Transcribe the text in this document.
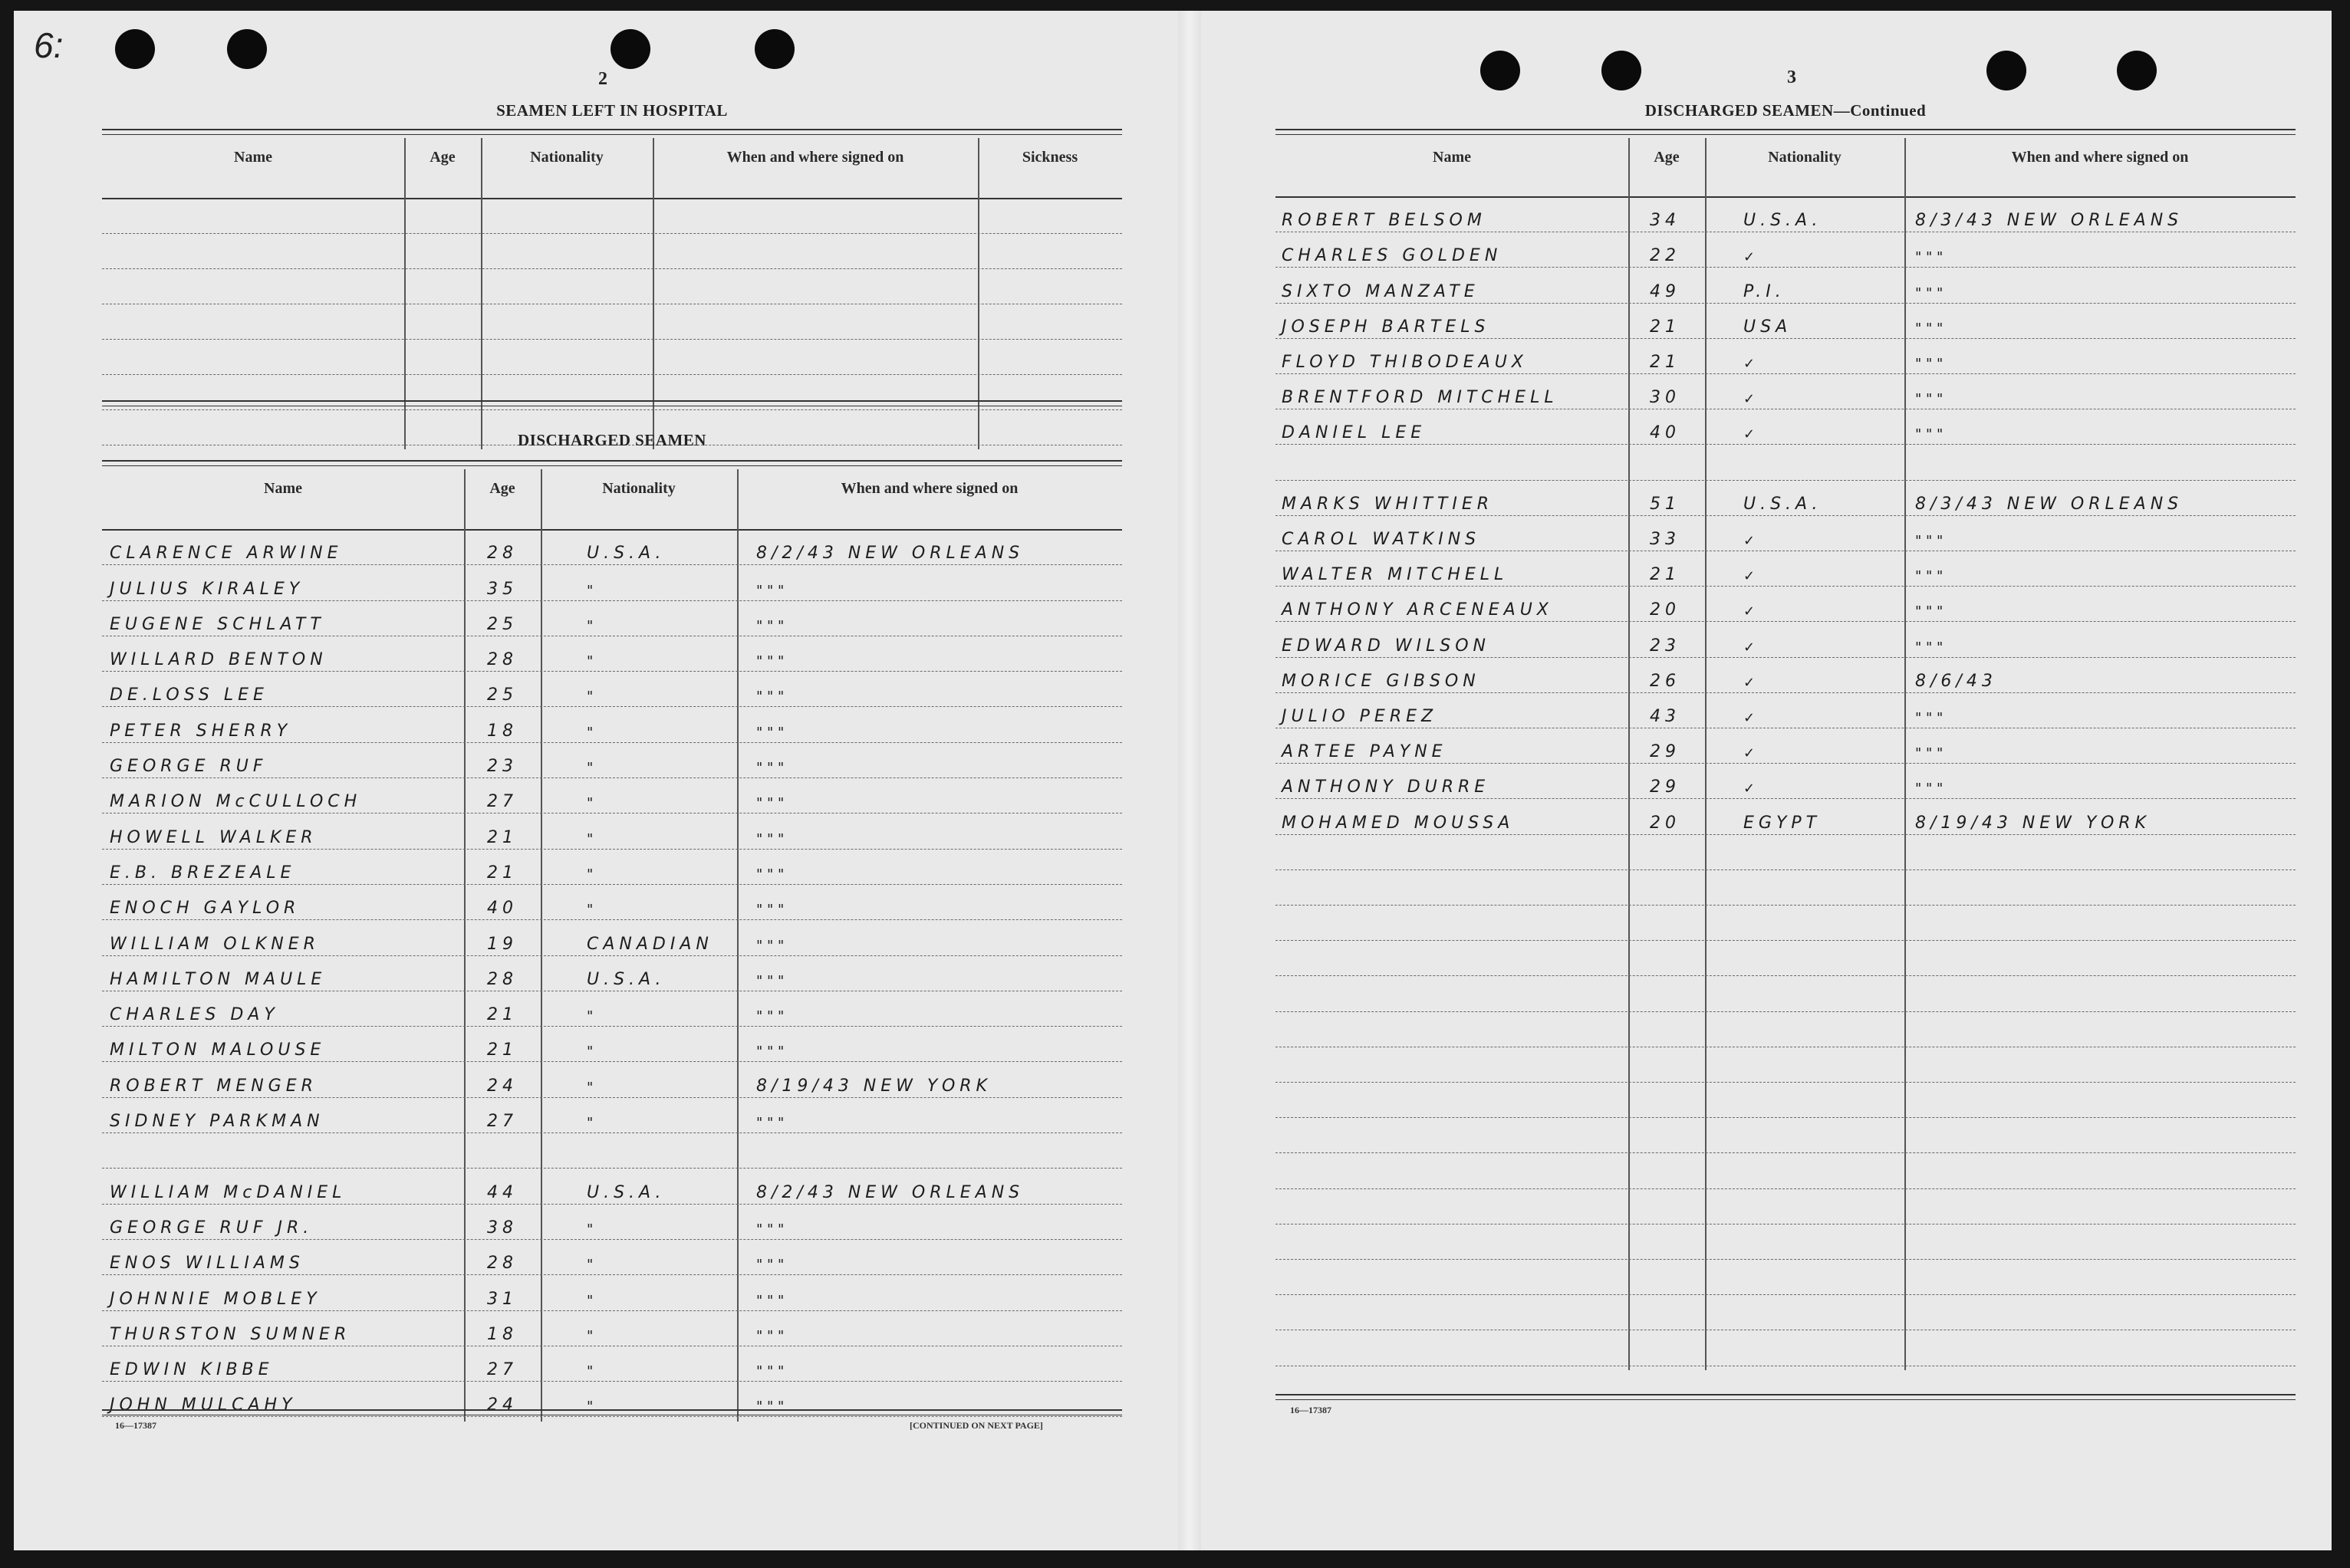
6:
2
SEAMEN LEFT IN HOSPITAL
Name	Age	Nationality	When and where signed on	Sickness
DISCHARGED SEAMEN
Name	Age	Nationality	When and where signed on
CLARENCE ARWINE	28	U.S.A.	8/2/43 NEW ORLEANS
JULIUS KIRALEY	35	"	" " "
EUGENE SCHLATT	25	"	" " "
WILLARD BENTON	28	"	" " "
DE.LOSS LEE	25	"	" " "
PETER SHERRY	18	"	" " "
GEORGE RUF	23	"	" " "
MARION McCULLOCH	27	"	" " "
HOWELL WALKER	21	"	" " "
E.B. BREZEALE	21	"	" " "
ENOCH GAYLOR	40	"	" " "
WILLIAM OLKNER	19	CANADIAN	" " "
HAMILTON MAULE	28	U.S.A.	" " "
CHARLES DAY	21	"	" " "
MILTON MALOUSE	21	"	" " "
ROBERT MENGER	24	"	8/19/43 NEW YORK
SIDNEY PARKMAN	27	"	" " "
WILLIAM McDANIEL	44	U.S.A.	8/2/43 NEW ORLEANS
GEORGE RUF JR.	38	"	" " "
ENOS WILLIAMS	28	"	" " "
JOHNNIE MOBLEY	31	"	" " "
THURSTON SUMNER	18	"	" " "
EDWIN KIBBE	27	"	" " "
JOHN MULCAHY	24	"	" " "
16—17387	[CONTINUED ON NEXT PAGE]
3
DISCHARGED SEAMEN—Continued
Name	Age	Nationality	When and where signed on
ROBERT BELSOM	34	U.S.A.	8/3/43 NEW ORLEANS
CHARLES GOLDEN	22	✓	" " "
SIXTO MANZATE	49	P.I.	" " "
JOSEPH BARTELS	21	USA	" " "
FLOYD THIBODEAUX	21	✓	" " "
BRENTFORD MITCHELL	30	✓	" " "
DANIEL LEE	40	✓	" " "
MARKS WHITTIER	51	U.S.A.	8/3/43 NEW ORLEANS
CAROL WATKINS	33	✓	" " "
WALTER MITCHELL	21	✓	" " "
ANTHONY ARCENEAUX	20	✓	" " "
EDWARD WILSON	23	✓	" " "
MORICE GIBSON	26	✓	8/6/43
JULIO PEREZ	43	✓	" " "
ARTEE PAYNE	29	✓	" " "
ANTHONY DURRE	29	✓	" " "
MOHAMED MOUSSA	20	EGYPT	8/19/43 NEW YORK
16—17387
